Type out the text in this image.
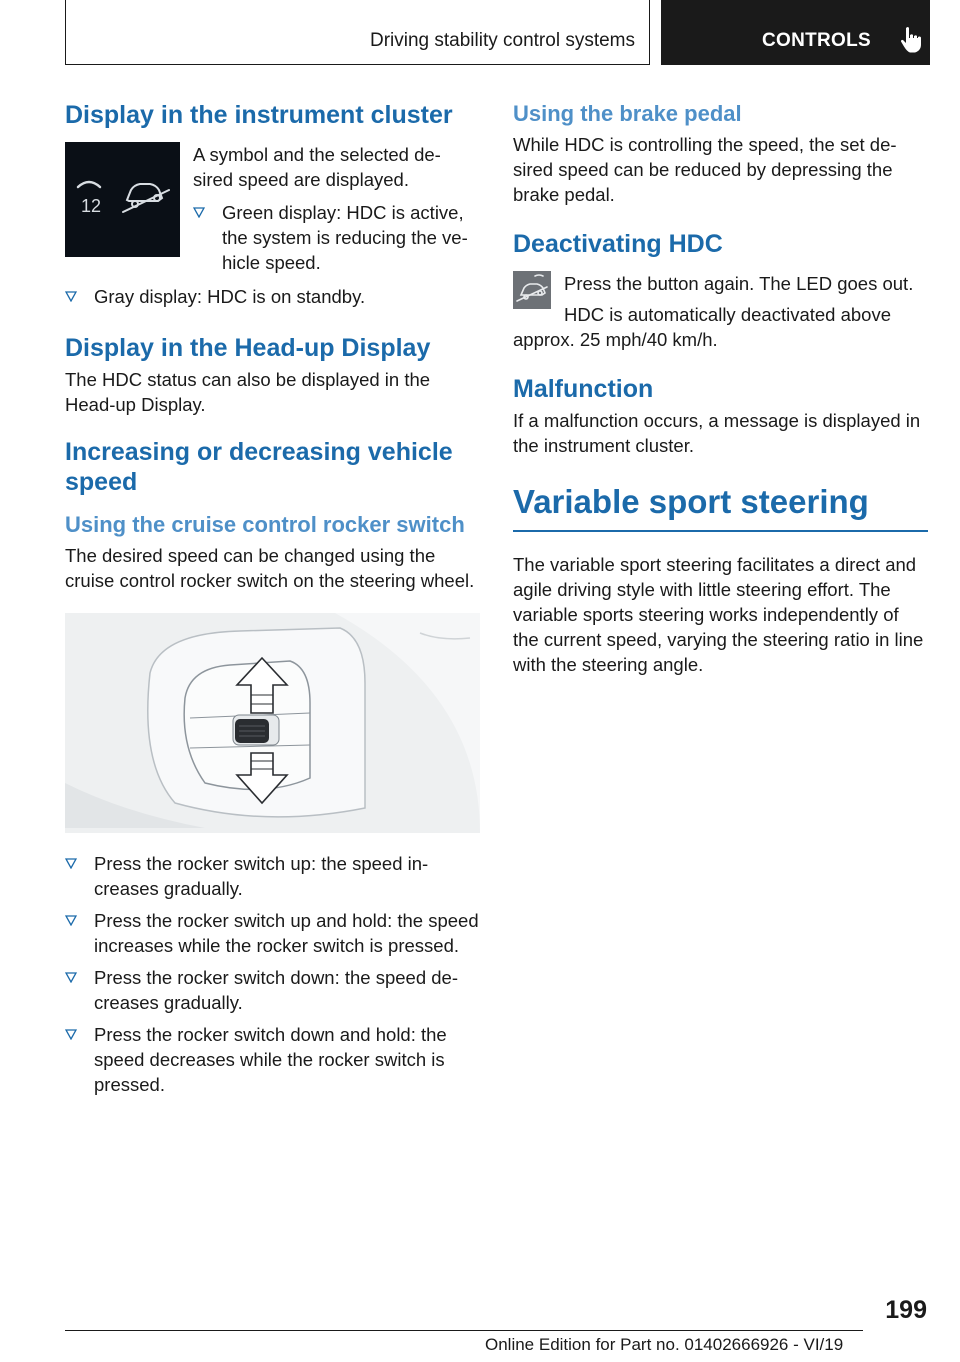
Driving stability control systems	CONTROLS
Display in the instrument cluster
12

A symbol and the selected de-sired speed are displayed.

Green display: HDC is active, the system is reducing the ve-hicle speed.
Gray display: HDC is on standby.
Display in the Head-up Display

The HDC status can also be displayed in the Head-up Display.

Increasing or decreasing vehicle speed
Using the cruise control rocker switch

The desired speed can be changed using the cruise control rocker switch on the steering wheel.

Press the rocker switch up: the speed in-creases gradually.
Press the rocker switch up and hold: the speed increases while the rocker switch is pressed.
Press the rocker switch down: the speed de-creases gradually.
Press the rocker switch down and hold: the speed decreases while the rocker switch is pressed.
Using the brake pedal

While HDC is controlling the speed, the set de-sired speed can be reduced by depressing the brake pedal.

Deactivating HDC

Press the button again. The LED goes out.

HDC is automatically deactivated above approx. 25 mph/40 km/h.

Malfunction

If a malfunction occurs, a message is displayed in the instrument cluster.

Variable sport steering

The variable sport steering facilitates a direct and agile driving style with little steering effort. The variable sports steering works independently of the current speed, varying the steering ratio in line with the steering angle.

199
Online Edition for Part no. 01402666926 - VI/19
